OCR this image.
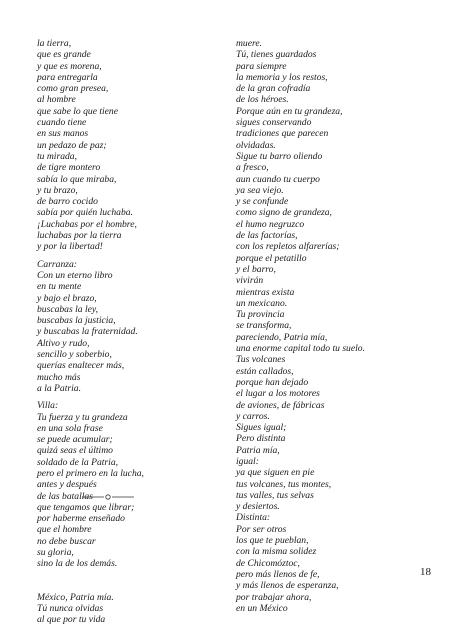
la tierra,
que es grande
y que es morena,
para entregarla
como gran presea,
al hombre
que sabe lo que tiene
cuando tiene
en sus manos
un pedazo de paz;
tu mirada,
de tigre montero
sabía lo que miraba,
y tu brazo,
de barro cocido
sabía por quién luchaba.
¡Luchabas por el hombre,
luchabas por la tierra
y por la libertad!
Carranza:
Con un eterno libro
en tu mente
y bajo el brazo,
buscabas la ley,
buscabas la justicia,
y buscabas la fraternidad.
Altivo y rudo,
sencillo y soberbio,
querías enaltecer más,
mucho más
a la Patria.
Villa:
Tu fuerza y tu grandeza
en una sola frase
se puede acumular;
quizá seas el último
soldado de la Patria,
pero el primero en la lucha,
antes y después
de las batallas
que tengamos que librar;
por haberme enseñado
que el hombre
no debe buscar
su gloria,
sino la de los demás.
México, Patria mía.
Tú nunca olvidas
al que por tu vida
muere.
Tú, tienes guardados
para siempre
la memoria y los restos,
de la gran cofradía
de los héroes.
Porque aún en tu grandeza,
sigues conservando
tradiciones que parecen
olvidadas.
Sigue tu barro oliendo
a fresco,
aun cuando tu cuerpo
ya sea viejo.
y se confunde
como signo de grandeza,
el humo negruzco
de las factorías,
con los repletos alfarerías;
porque el petatillo
y el barro,
vivirán
mientras exista
un mexicano.
Tu provincia
se transforma,
pareciendo, Patria mía,
una enorme capital todo tu suelo.
Tus volcanes
están callados,
porque han dejado
el lugar a los motores
de aviones, de fábricas
y carros.
Sigues igual;
Pero distinta
Patria mía,
igual:
ya que siguen en pie
tus volcanes, tus montes,
tus valles, tus selvas
y desiertos.
Distinta:
Por ser otros
los que te pueblan,
con la misma solidez
de Chicomóztoc,
pero más llenos de fe,
y más llenos de esperanza,
por trabajar ahora,
en un México
18
